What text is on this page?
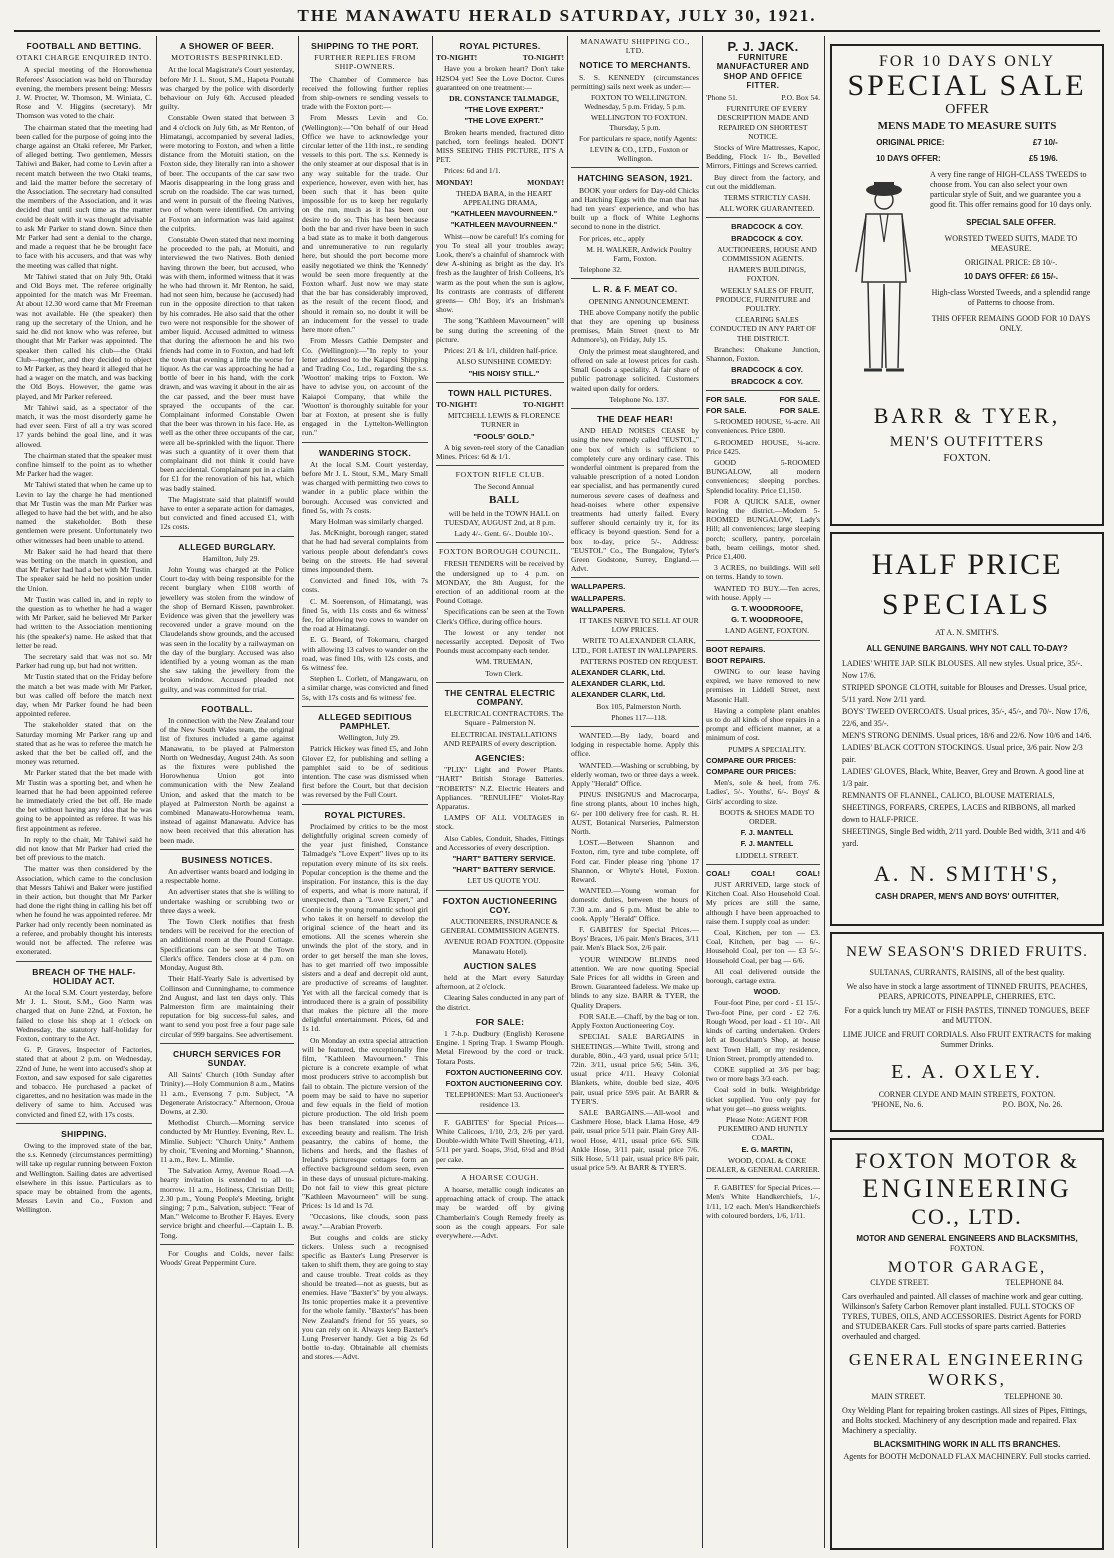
THE MANAWATU HERALD SATURDAY, JULY 30, 1921.
FOOTBALL AND BETTING.
OTAKI CHARGE ENQUIRED INTO.

A special meeting of the Horowhenua Referees' Association was held on Thursday evening, the members present being: Messrs J. W. Procter, W. Thomson, M. Winiata, C. Rose and V. Higgins (secretary). Mr Thomson was voted to the chair.

The chairman stated that the meeting had been called for the purpose of going into the charge against an Otaki referee, Mr Parker, of alleged betting. Two gentlemen, Messrs Tahiwi and Baker, had come to Levin after a recent match between the two Otaki teams, and laid the matter before the secretary of the Association. The secretary had consulted the members of the Association, and it was decided that until such time as the matter could be dealt with it was thought advisable to ask Mr Parker to stand down. Since then Mr Parker had sent a denial to the charge, and made a request that he be brought face to face with his accusers, and that was why the meeting was called that night.

Mr Tahiwi stated that on July 9th, Otaki and Old Boys met. The referee originally appointed for the match was Mr Freeman. At about 12.30 word came that Mr Freeman was not available. He (the speaker) then rang up the secretary of the Union, and he said he did not know who was referee, but thought that Mr Parker was appointed. The speaker then called his club—the Otaki Club—together, and they decided to object to Mr Parker, as they heard it alleged that he had a wager on the match, and was backing the Old Boys. However, the game was played, and Mr Parker refereed.

Mr Tahiwi said, as a spectator of the match, it was the most disorderly game he had ever seen. First of all a try was scored 17 yards behind the goal line, and it was allowed.

The chairman stated that the speaker must confine himself to the point as to whether Mr Parker had the wager.

Mr Tahiwi stated that when he came up to Levin to lay the charge he had mentioned that Mr Tustin was the man Mr Parker was alleged to have had the bet with, and he also named the stakeholder. Both these gentlemen were present. Unfortunately two other witnesses had been unable to attend.

Mr Baker said he had heard that there was betting on the match in question, and that Mr Parker had had a bet with Mr Tustin. The speaker said he held no position under the Union.

Mr Tustin was called in, and in reply to the question as to whether he had a wager with Mr Parker, said he believed Mr Parker had written to the Association mentioning his (the speaker's) name. He asked that that letter be read.

The secretary said that was not so. Mr Parker had rung up, but had not written.

Mr Tustin stated that on the Friday before the match a bet was made with Mr Parker, but was called off before the match next day, when Mr Parker found he had been appointed referee.

The stakeholder stated that on the Saturday morning Mr Parker rang up and stated that as he was to referee the match he asked that the bet be called off, and the money was returned.

Mr Parker stated that the bet made with Mr Tustin was a sporting bet, and when he learned that he had been appointed referee he immediately cried the bet off. He made the bet without having any idea that he was going to be appointed as referee. It was his first appointment as referee.

In reply to the chair, Mr Tahiwi said he did not know that Mr Parker had cried the bet off previous to the match.

The matter was then considered by the Association, which came to the conclusion that Messrs Tahiwi and Baker were justified in their action, but thought that Mr Parker had done the right thing in calling his bet off when he found he was appointed referee. Mr Parker had only recently been nominated as a referee, and probably thought his interests would not be affected. The referee was exonerated.

BREACH OF THE HALF-HOLIDAY ACT.

At the local S.M. Court yesterday, before Mr J. L. Stout, S.M., Goo Narm was charged that on June 22nd, at Foxton, he failed to close his shop at 1 o'clock on Wednesday, the statutory half-holiday for Foxton, contrary to the Act.

G. P. Graves, Inspector of Factories, stated that at about 2 p.m. on Wednesday, 22nd of June, he went into accused's shop at Foxton, and saw exposed for sale cigarettes and tobacco. He purchased a packet of cigarettes, and no hesitation was made in the delivery of same to him. Accused was convicted and fined £2, with 17s costs.

SHIPPING.

Owing to the improved state of the bar, the s.s. Kennedy (circumstances permitting) will take up regular running between Foxton and Wellington. Sailing dates are advertised elsewhere in this issue. Particulars as to space may be obtained from the agents, Messrs Levin and Co., Foxton and Wellington.

A SHOWER OF BEER.
MOTORISTS BESPRINKLED.

At the local Magistrate's Court yesterday, before Mr J. L. Stout, S.M., Hapeta Poutahi was charged by the police with disorderly behaviour on July 6th. Accused pleaded guilty.

Constable Owen stated that between 3 and 4 o'clock on July 6th, as Mr Renton, of Himatangi, accompanied by several ladies, were motoring to Foxton, and when a little distance from the Motuiti station, on the Foxton side, they literally ran into a shower of beer. The occupants of the car saw two Maoris disappearing in the long grass and scrub on the roadside. The car was turned, and went in pursuit of the fleeing Natives, two of whom were identified. On arriving at Foxton an information was laid against the culprits.

Constable Owen stated that next morning he proceeded to the pah, at Motuiti, and interviewed the two Natives. Both denied having thrown the beer, but accused, who was with them, informed witness that it was he who had thrown it. Mr Renton, he said, had not seen him, because he (accused) had run in the opposite direction to that taken by his comrades. He also said that the other two were not responsible for the shower of amber liquid. Accused admitted to witness that during the afternoon he and his two friends had come in to Foxton, and had left the town that evening a little the worse for liquor. As the car was approaching he had a bottle of beer in his hand, with the cork drawn, and was waving it about in the air as the car passed, and the beer must have sprayed the occupants of the car. Complainant informed Constable Owen that the beer was thrown in his face. He, as well as the other three occupants of the car, were all be-sprinkled with the liquor. There was such a quantity of it over them that complainant did not think it could have been accidental. Complainant put in a claim for £1 for the renovation of his hat, which was badly stained.

The Magistrate said that plaintiff would have to enter a separate action for damages, but convicted and fined accused £1, with 12s costs.

ALLEGED BURGLARY.

Hamilton, July 29.

John Young was charged at the Police Court to-day with being responsible for the recent burglary when £108 worth of jewellery was stolen from the window of the shop of Bernard Kissen, pawnbroker. Evidence was given that the jewellery was recovered under a grave mound on the Claudelands show grounds, and the accused was seen in the locality by a railwayman on the day of the burglary. Accused was also identified by a young woman as the man she saw taking the jewellery from the broken window. Accused pleaded not guilty, and was committed for trial.

FOOTBALL.

In connection with the New Zealand tour of the New South Wales team, the original list of fixtures included a game against Manawatu, to be played at Palmerston North on Wednesday, August 24th. As soon as the fixtures were published the Horowhenua Union got into communication with the New Zealand Union, and asked that the match to be played at Palmerston North be against a combined Manawatu-Horowhenua team, instead of against Manawatu. Advice has now been received that this alteration has been made.

BUSINESS NOTICES.

An advertiser wants board and lodging in a respectable home.

An advertiser states that she is willing to undertake washing or scrubbing two or three days a week.

The Town Clerk notifies that fresh tenders will be received for the erection of an additional room at the Pound Cottage. Specifications can be seen at the Town Clerk's office. Tenders close at 4 p.m. on Monday, August 8th.

Their Half-Yearly Sale is advertised by Collinson and Cunninghame, to commence 2nd August, and last ten days only. This Palmerston firm are maintaining their reputation for big success-ful sales, and want to send you post free a four page sale circular of 999 bargains. See advertisement.

CHURCH SERVICES FOR SUNDAY.

All Saints' Church (10th Sunday after Trinity).—Holy Communion 8 a.m., Matins 11 a.m., Evensong 7 p.m. Subject, "A Degenerate Aristocracy." Afternoon, Oroua Downs, at 2.30.

Methodist Church.—Morning service conducted by Mr Huntley. Evening, Rev. L. Mimlie. Subject: "Church Unity." Anthem by choir, "Evening and Morning." Shannon, 11 a.m., Rev. L. Mimlie.

The Salvation Army, Avenue Road.—A hearty invitation is extended to all to-morrow. 11 a.m., Holiness, Christian Drill; 2.30 p.m., Young People's Meeting, bright singing; 7 p.m., Salvation, subject: "Fear of Man." Welcome to Brother F. Hayes. Every service bright and cheerful.—Captain L. B. Tong.

For Coughs and Colds, never fails: Woods' Great Peppermint Cure.

SHIPPING TO THE PORT.
FURTHER REPLIES FROM SHIP-OWNERS.

The Chamber of Commerce has received the following further replies from ship-owners re sending vessels to trade with the Foxton port:—

From Messrs Levin and Co. (Wellington):—"On behalf of our Head Office we have to acknowledge your circular letter of the 11th inst., re sending vessels to this port. The s.s. Kennedy is the only steamer at our disposal that is in any way suitable for the trade. Our experience, however, even with her, has been such that it has been quite impossible for us to keep her regularly on the run, much as it has been our desire to do so. This has been because both the bar and river have been in such a bad state as to make it both dangerous and unremunerative to run regularly here, but should the port become more easily negotiated we think the 'Kennedy' would be seen more frequently at the Foxton wharf. Just now we may state that the bar has considerably improved, as the result of the recent flood, and should it remain so, no doubt it will be an inducement for the vessel to trade here more often."

From Messrs Cathie Dempster and Co. (Wellington):—"In reply to your letter addressed to the Kaiapoi Shipping and Trading Co., Ltd., regarding the s.s. 'Wootton' making trips to Foxton. We have to advise you, on account of the Kaiapoi Company, that while the 'Wootton' is thoroughly suitable for your bar at Foxton, at present she is fully engaged in the Lyttelton-Wellington run."

WANDERING STOCK.

At the local S.M. Court yesterday, before Mr J. L. Stout, S.M., Mary Small was charged with permitting two cows to wander in a public place within the borough. Accused was convicted and fined 5s, with 7s costs.

Mary Holman was similarly charged.

Jas. McKnight, borough ranger, stated that he had had several complaints from various people about defendant's cows being on the streets. He had several times impounded them.

Convicted and fined 10s, with 7s costs.

C. M. Soerenson, of Himatangi, was fined 5s, with 11s costs and 6s witness' fee, for allowing two cows to wander on the road at Himatangi.

E. G. Beard, of Tokomaru, charged with allowing 13 calves to wander on the road, was fined 10s, with 12s costs, and 6s witness' fee.

Stephen L. Corlett, of Mangawaru, on a similar charge, was convicted and fined 5s, with 17s costs and 6s witness' fee.

ALLEGED SEDITIOUS PAMPHLET.

Wellington, July 29.

Patrick Hickey was fined £5, and John Glover £2, for publishing and selling a pamphlet said to be of seditious intention. The case was dismissed when first before the Court, but that decision was reversed by the Full Court.

ROYAL PICTURES.

Proclaimed by critics to be the most delightfully original screen comedy of the year just finished, Constance Talmadge's "Love Expert" lives up to its reputation every minute of its six reels. Popular conception is the theme and the inspiration. For instance, this is the day of experts, and what is more natural, if unexpected, than a "Love Expert," and Connie is the young romantic school girl who takes it on herself to develop the original science of the heart and its emotions. All the scenes wherein she unwinds the plot of the story, and in order to get herself the man she loves, has to get married off two impossible sisters and a deaf and decrepit old aunt, are productive of screams of laughter. Yet with all the farcical comedy that is introduced there is a grain of possibility that makes the picture all the more delightful entertainment. Prices, 6d and 1s 1d.

On Monday an extra special attraction will be featured, the exceptionally fine film, "Kathleen Mavourneen." This picture is a concrete example of what most producers strive to accomplish but fail to obtain. The picture version of the poem may be said to have no superior and few equals in the field of motion picture production. The old Irish poem has been translated into scenes of exceeding beauty and realism. The Irish peasantry, the cabins of home, the lichens and herds, and the flashes of Ireland's picturesque cottages form an effective background seldom seen, even in these days of unusual picture-making. Do not fail to view this great picture "Kathleen Mavourneen" will be sung. Prices: 1s 1d and 1s 7d.

"Occasions, like clouds, soon pass away."—Arabian Proverb.

But coughs and colds are sticky tickers. Unless such a recognised specific as Baxter's Lung Preserver is taken to shift them, they are going to stay and cause trouble. Treat colds as they should be treated—not as guests, but as enemies. Have "Baxter's" by you always. Its tonic properties make it a preventive for the whole family. "Baxter's" has been New Zealand's friend for 55 years, so you can rely on it. Always keep Baxter's Lung Preserver handy. Get a big 2s 6d bottle to-day. Obtainable all chemists and stores.—Advt.

ROYAL PICTURES.

TO-NIGHT!	TO-NIGHT!

Have you a broken heart? Don't take H2SO4 yet! See the Love Doctor. Cures guaranteed on one treatment:—

DR. CONSTANCE TALMADGE,

"THE LOVE EXPERT."

"THE LOVE EXPERT."

Broken hearts mended, fractured ditto patched, torn feelings healed. DON'T MISS SEEING THIS PICTURE, IT'S A PET.

Prices: 6d and 1/1.

MONDAY!	MONDAY!

THEDA BARA, in the HEART APPEALING DRAMA,

"KATHLEEN MAVOURNEEN."

"KATHLEEN MAVOURNEEN."

Whist—now be careful! It's coming for you To steal all your troubles away; Look, there's a chainful of shamrock with dew A-shining as bright as the day. It's fresh as the laughter of Irish Colleens, It's warm as the pout when the sun is aglow, Its contrasts are contrasts of different greens— Oh! Boy, it's an Irishman's show.

The song "Kathleen Mavourneen" will be sung during the screening of the picture.

Prices: 2/1 & 1/1, children half-price.

ALSO SUNSHINE COMEDY:

"HIS NOISY STILL."

TOWN HALL PICTURES.

TO-NIGHT!	TO-NIGHT!

MITCHELL LEWIS & FLORENCE TURNER in

"FOOLS' GOLD."

A big seven-reel story of the Canadian Mines. Prices: 6d & 1/1.

FOXTON RIFLE CLUB.

The Second Annual

BALL

will be held in the TOWN HALL on TUESDAY, AUGUST 2nd, at 8 p.m.

Lady 4/-. Gent. 6/-. Double 10/-.

FOXTON BOROUGH COUNCIL.

FRESH TENDERS will be received by the undersigned up to 4 p.m. on MONDAY, the 8th August, for the erection of an additional room at the Pound Cottage.

Specifications can be seen at the Town Clerk's Office, during office hours.

The lowest or any tender not necessarily accepted. Deposit of Two Pounds must accompany each tender.

WM. TRUEMAN,

Town Clerk.

THE CENTRAL ELECTRIC COMPANY.

ELECTRICAL CONTRACTORS. The Square - Palmerston N.

ELECTRICAL INSTALLATIONS AND REPAIRS of every description.

AGENCIES:

"PLIX" Light and Power Plants. "HART" British Storage Batteries. "ROBERTS" N.Z. Electric Heaters and Appliances. "RENULIFE" Violet-Ray Apparatus.

LAMPS OF ALL VOLTAGES in stock.

Also Cables, Conduit, Shades, Fittings and Accessories of every description.

"HART" BATTERY SERVICE.

"HART" BATTERY SERVICE.

LET US QUOTE YOU.

FOXTON AUCTIONEERING COY.

AUCTIONEERS, INSURANCE & GENERAL COMMISSION AGENTS.

AVENUE ROAD FOXTON. (Opposite Manawatu Hotel).

AUCTION SALES

held at the Mart every Saturday afternoon, at 2 o'clock.

Clearing Sales conducted in any part of the district.

FOR SALE:

1 7-h.p. Dudbury (English) Kerosene Engine. 1 Spring Trap. 1 Swamp Plough. Metal Firewood by the cord or truck. Totara Posts.

FOXTON AUCTIONEERING COY.

FOXTON AUCTIONEERING COY.

TELEPHONES: Mart 53. Auctioneer's residence 13.

F. GABITES' for Special Prices—White Calicoes, 1/10, 2/3, 2/6 per yard. Double-width White Twill Sheeting, 4/11, 5/11 per yard. Soaps, 3½d, 6½d and 8½d per cake.

A HOARSE COUGH.

A hoarse, metallic cough indicates an approaching attack of croup. The attack may be warded off by giving Chamberlain's Cough Remedy freely as soon as the cough appears. For sale everywhere.—Advt.

MANAWATU SHIPPING CO., LTD.
NOTICE TO MERCHANTS.

S. S. KENNEDY (circumstances permitting) sails next week as under:—

FOXTON TO WELLINGTON. Wednesday, 5 p.m. Friday, 5 p.m.

WELLINGTON TO FOXTON. Thursday, 5 p.m.

For particulars re space, notify Agents:

LEVIN & CO., LTD., Foxton or Wellington.

HATCHING SEASON, 1921.

BOOK your orders for Day-old Chicks and Hatching Eggs with the man that has had ten years' experience, and who has built up a flock of White Leghorns second to none in the district.

For prices, etc., apply

M. H. WALKER, Ardwick Poultry Farm, Foxton.

Telephone 32.

L. R. & F. MEAT CO.

OPENING ANNOUNCEMENT.

THE above Company notify the public that they are opening up business premises, Main Street (next to Mr Adnmore's), on Friday, July 15.

Only the primest meat slaughtered, and offered on sale at lowest prices for cash. Small Goods a speciality. A fair share of public patronage solicited. Customers waited upon daily for orders.

Telephone No. 137.

THE DEAF HEAR!

AND HEAD NOISES CEASE by using the new remedy called "EUSTOL," one box of which is sufficient to completely cure any ordinary case. This wonderful ointment is prepared from the valuable prescription of a noted London ear specialist, and has permanently cured numerous severe cases of deafness and head-noises where other expensive treatments had utterly failed. Every sufferer should certainly try it, for its efficacy is beyond question. Send for a box to-day, price 5/-. Address: "EUSTOL" Co., The Bungalow, Tyler's Green Godstone, Surrey, England.—Advt.

WALLPAPERS.

WALLPAPERS.

WALLPAPERS.

IT TAKES NERVE TO SELL AT OUR LOW PRICES.

WRITE TO ALEXANDER CLARK, LTD., FOR LATEST IN WALLPAPERS.

PATTERNS POSTED ON REQUEST.

ALEXANDER CLARK, Ltd.

ALEXANDER CLARK, Ltd.

ALEXANDER CLARK, Ltd.

Box 105, Palmerston North.

Phones 117—118.

WANTED.—By lady, board and lodging in respectable home. Apply this office.

WANTED.—Washing or scrubbing, by elderly woman, two or three days a week. Apply "Herald" Office.

PINUS INSIGNUS and Macrocarpa, fine strong plants, about 10 inches high, 6/- per 100 delivery free for cash. R. H. AUST, Botanical Nurseries, Palmerston North.

LOST.—Between Shannon and Foxton, rim, tyre and tube complete, off Ford car. Finder please ring 'phone 17 Shannon, or Whyte's Hotel, Foxton. Reward.

WANTED.—Young woman for domestic duties, between the hours of 7.30 a.m. and 6 p.m. Must be able to cook. Apply "Herald" Office.

F. GABITES' for Special Prices.—Boys' Braces, 1/6 pair. Men's Braces, 3/11 pair. Men's Black Sox, 2/6 pair.

YOUR WINDOW BLINDS need attention. We are now quoting Special Sale Prices for all widths in Green and Brown. Guaranteed fadeless. We make up blinds to any size. BARR & TYER, the Quality Drapers.

FOR SALE.—Chaff, by the bag or ton. Apply Foxton Auctioneering Coy.

SPECIAL SALE BARGAINS in SHEETINGS.—White Twill, strong and durable, 80in., 4/3 yard, usual price 5/11; 72in. 3/11, usual price 5/6; 54in. 3/6, usual price 4/11. Heavy Colonial Blankets, white, double bed size, 40/6 pair, usual price 59/6 pair. At BARR & TYER'S.

SALE BARGAINS.—All-wool and Cashmere Hose, black Llama Hose, 4/9 pair, usual price 5/11 pair. Plain Grey All-wool Hose, 4/11, usual price 6/6. Silk Ankle Hose, 3/11 pair, usual price 7/6. Silk Hose, 5/11 pair, usual price 8/6 pair, usual price 5/9. At BARR & TYER'S.

P. J. JACK.
FURNITURE MANUFACTURER AND SHOP AND OFFICE FITTER.

'Phone 51.	P.O. Box 54.

FURNITURE OF EVERY DESCRIPTION MADE AND REPAIRED ON SHORTEST NOTICE.

Stocks of Wire Mattresses, Kapoc, Bedding, Flock 1/- lb., Bevelled Mirrors, Fittings and Screws carried.

Buy direct from the factory, and cut out the middleman.

TERMS STRICTLY CASH.

ALL WORK GUARANTEED.

BRADCOCK & COY.

BRADCOCK & COY.

AUCTIONEERS, HOUSE AND COMMISSION AGENTS.

HAMER'S BUILDINGS, FOXTON.

WEEKLY SALES OF FRUIT, PRODUCE, FURNITURE and POULTRY.

CLEARING SALES CONDUCTED IN ANY PART OF THE DISTRICT.

Branches: Ohakune Junction, Shannon, Foxton.

BRADCOCK & COY.

BRADCOCK & COY.

FOR SALE.	FOR SALE.

FOR SALE.	FOR SALE.

5-ROOMED HOUSE, ¼-acre. All conveniences. Price £800.

6-ROOMED HOUSE, ¼-acre. Price £425.

GOOD 5-ROOMED BUNGALOW, all modern conveniences; sleeping porches. Splendid locality. Price £1,150.

FOR A QUICK SALE, owner leaving the district.—Modern 5-ROOMED BUNGALOW, Lady's Hill; all conveniences; large sleeping porch; scullery, pantry, porcelain bath, beam ceilings, motor shed. Price £1,400.

3 ACRES, no buildings. Will sell on terms. Handy to town.

WANTED TO BUY.—Ten acres, with house. Apply —

G. T. WOODROOFE,

G. T. WOODROOFE,

LAND AGENT, FOXTON.

BOOT REPAIRS.

BOOT REPAIRS.

OWING to our lease having expired, we have removed to new premises in Liddell Street, next Masonic Hall.

Having a complete plant enables us to do all kinds of shoe repairs in a prompt and efficient manner, at a minimum of cost.

PUMPS A SPECIALITY.

COMPARE OUR PRICES:

COMPARE OUR PRICES:

Men's, sole & heel, from 7/6. Ladies', 5/-. Youths', 6/-. Boys' & Girls' according to size.

BOOTS & SHOES MADE TO ORDER.

F. J. MANTELL

F. J. MANTELL

LIDDELL STREET.

COAL!	COAL!	COAL!

JUST ARRIVED, large stock of Kitchen Coal. Also Household Coal. My prices are still the same, although I have been approached to raise them. I supply coal as under:

Coal, Kitchen, per ton — £3. Coal, Kitchen, per bag — 6/-. Household Coal, per ton — £3 5/-. Household Coal, per bag — 6/6.

All coal delivered outside the borough, cartage extra.

WOOD.

Four-foot Pine, per cord - £1 15/-. Two-foot Pine, per cord - £2 7/6. Rough Wood, per load - £1 10/-. All kinds of carting undertaken. Orders left at Bouckham's Shop, at house next Town Hall, or my residence, Union Street, promptly attended to.

COKE supplied at 3/6 per bag; two or more bags 3/3 each.

Coal sold in bulk. Weighbridge ticket supplied. You only pay for what you get—no guess weights.

Please Note: AGENT FOR PUKEMIRO AND HUNTLY COAL.

E. G. MARTIN,

WOOD, COAL & COKE DEALER, & GENERAL CARRIER.

F. GABITES' for Special Prices.—Men's White Handkerchiefs, 1/-, 1/11, 1/2 each. Men's Handkerchiefs with coloured borders, 1/6, 1/11.

FOR 10 DAYS ONLY
SPECIAL SALE
OFFER
MENS MADE TO MEASURE SUITS
ORIGINAL PRICE:	£7 10/-
10 DAYS OFFER:	£5 19/6.
A very fine range of HIGH-CLASS TWEEDS to choose from. You can also select your own particular style of Suit, and we guarantee you a good fit. This offer remains good for 10 days only.
SPECIAL SALE OFFER.
WORSTED TWEED SUITS, MADE TO MEASURE.
ORIGINAL PRICE: £8 10/-.
10 DAYS OFFER: £6 15/-.
High-class Worsted Tweeds, and a splendid range of Patterns to choose from.
THIS OFFER REMAINS GOOD FOR 10 DAYS ONLY.
BARR & TYER,
MEN'S OUTFITTERS
FOXTON.
HALF PRICE
SPECIALS
AT A. N. SMITH'S.
ALL GENUINE BARGAINS. WHY NOT CALL TO-DAY?
LADIES' WHITE JAP. SILK BLOUSES. All new styles. Usual price, 35/-. Now 17/6.
STRIPED SPONGE CLOTH, suitable for Blouses and Dresses. Usual price, 5/11 yard. Now 2/11 yard.
BOYS' TWEED OVERCOATS. Usual prices, 35/-, 45/-, and 70/-. Now 17/6, 22/6, and 35/-.
MEN'S STRONG DENIMS. Usual prices, 18/6 and 22/6. Now 10/6 and 14/6.
LADIES' BLACK COTTON STOCKINGS. Usual price, 3/6 pair. Now 2/3 pair.
LADIES' GLOVES, Black, White, Beaver, Grey and Brown. A good line at 1/3 pair.
REMNANTS OF FLANNEL, CALICO, BLOUSE MATERIALS, SHEETINGS, FORFARS, CREPES, LACES and RIBBONS, all marked down to HALF-PRICE.
SHEETINGS, Single Bed width, 2/11 yard. Double Bed width, 3/11 and 4/6 yard.
A. N. SMITH'S,
CASH DRAPER, MEN'S AND BOYS' OUTFITTER,
NEW SEASON'S DRIED FRUITS.
SULTANAS, CURRANTS, RAISINS, all of the best quality.
We also have in stock a large assortment of TINNED FRUITS, PEACHES, PEARS, APRICOTS, PINEAPPLE, CHERRIES, ETC.
For a quick lunch try MEAT or FISH PASTES, TINNED TONGUES, BEEF and MUTTON.
LIME JUICE and FRUIT CORDIALS. Also FRUIT EXTRACTS for making Summer Drinks.
E. A. OXLEY.
CORNER CLYDE AND MAIN STREETS, FOXTON.
'PHONE, No. 6.	P.O. BOX, No. 26.
FOXTON MOTOR &
ENGINEERING
CO., LTD.
MOTOR AND GENERAL ENGINEERS AND BLACKSMITHS,
FOXTON.
MOTOR GARAGE,
CLYDE STREET.	TELEPHONE 84.
Cars overhauled and painted. All classes of machine work and gear cutting. Wilkinson's Safety Carbon Remover plant installed. FULL STOCKS OF TYRES, TUBES, OILS, AND ACCESSORIES. District Agents for FORD and STUDEBAKER Cars. Full stocks of spare parts carried. Batteries overhauled and charged.
GENERAL ENGINEERING
WORKS,
MAIN STREET.	TELEPHONE 30.
Oxy Welding Plant for repairing broken castings. All sizes of Pipes, Fittings, and Bolts stocked. Machinery of any description made and repaired. Flax Machinery a speciality.
BLACKSMITHING WORK IN ALL ITS BRANCHES.
Agents for BOOTH McDONALD FLAX MACHINERY. Full stocks carried.
